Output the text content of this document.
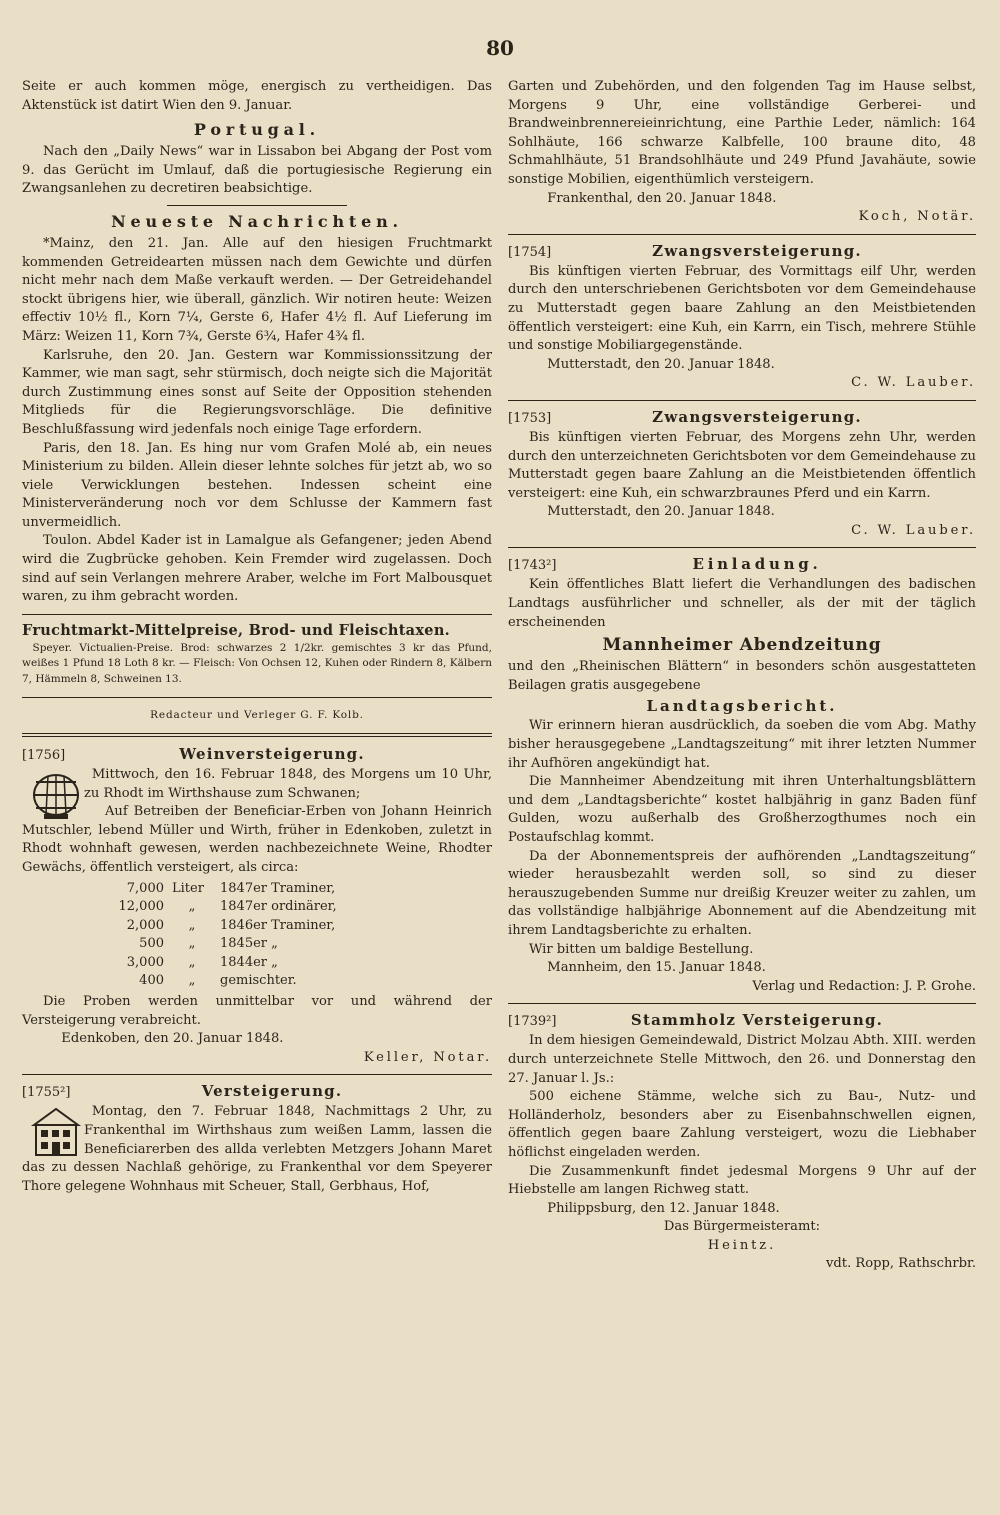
80

Seite er auch kommen möge, energisch zu vertheidigen. Das Aktenstück ist datirt Wien den 9. Januar.

Portugal.

Nach den „Daily News“ war in Lissabon bei Abgang der Post vom 9. das Gerücht im Umlauf, daß die portugiesische Regierung ein Zwangsanlehen zu decretiren beabsichtige.

Neueste Nachrichten.

*Mainz, den 21. Jan. Alle auf den hiesigen Fruchtmarkt kommenden Getreidearten müssen nach dem Gewichte und dürfen nicht mehr nach dem Maße verkauft werden. — Der Getreidehandel stockt übrigens hier, wie überall, gänzlich. Wir notiren heute: Weizen effectiv 10½ fl., Korn 7¼, Gerste 6, Hafer 4½ fl. Auf Lieferung im März: Weizen 11, Korn 7¾, Gerste 6¾, Hafer 4¾ fl.

Karlsruhe, den 20. Jan. Gestern war Kommissionssitzung der Kammer, wie man sagt, sehr stürmisch, doch neigte sich die Majorität durch Zustimmung eines sonst auf Seite der Opposition stehenden Mitglieds für die Regierungsvorschläge. Die definitive Beschlußfassung wird jedenfals noch einige Tage erfordern.

Paris, den 18. Jan. Es hing nur vom Grafen Molé ab, ein neues Ministerium zu bilden. Allein dieser lehnte solches für jetzt ab, wo so viele Verwicklungen bestehen. Indessen scheint eine Ministerveränderung noch vor dem Schlusse der Kammern fast unvermeidlich.

Toulon. Abdel Kader ist in Lamalgue als Gefangener; jeden Abend wird die Zugbrücke gehoben. Kein Fremder wird zugelassen. Doch sind auf sein Verlangen mehrere Araber, welche im Fort Malbousquet waren, zu ihm gebracht worden.

Fruchtmarkt-Mittelpreise, Brod- und Fleischtaxen.

Speyer. Victualien-Preise. Brod: schwarzes 2 1/2kr. gemischtes 3 kr das Pfund, weißes 1 Pfund 18 Loth 8 kr. — Fleisch: Von Ochsen 12, Kuhen oder Rindern 8, Kälbern 7, Hämmeln 8, Schweinen 13.

Redacteur und Verleger G. F. Kolb.

[1756]	Weinversteigerung.

Mittwoch, den 16. Februar 1848, des Morgens um 10 Uhr, zu Rhodt im Wirthshause zum Schwanen;

Auf Betreiben der Beneficiar-Erben von Johann Heinrich Mutschler, lebend Müller und Wirth, früher in Edenkoben, zuletzt in Rhodt wohnhaft gewesen, werden nachbezeichnete Weine, Rhodter Gewächs, öffentlich versteigert, als circa:

7,000	Liter	1847er Traminer,
12,000	„	1847er ordinärer,
2,000	„	1846er Traminer,
500	„	1845er „
3,000	„	1844er „
400	„	gemischter.

Die Proben werden unmittelbar vor und während der Versteigerung verabreicht.

Edenkoben, den 20. Januar 1848.

Keller, Notar.

[1755²]	Versteigerung.

Montag, den 7. Februar 1848, Nachmittags 2 Uhr, zu Frankenthal im Wirthshaus zum weißen Lamm, lassen die Beneficiarerben des allda verlebten Metzgers Johann Maret das zu dessen Nachlaß gehörige, zu Frankenthal vor dem Speyerer Thore gelegene Wohnhaus mit Scheuer, Stall, Gerbhaus, Hof,

Garten und Zubehörden, und den folgenden Tag im Hause selbst, Morgens 9 Uhr, eine vollständige Gerberei- und Brandweinbrennereieinrichtung, eine Parthie Leder, nämlich: 164 Sohlhäute, 166 schwarze Kalbfelle, 100 braune dito, 48 Schmahlhäute, 51 Brandsohlhäute und 249 Pfund Javahäute, sowie sonstige Mobilien, eigenthümlich versteigern.

Frankenthal, den 20. Januar 1848.

Koch, Notär.

[1754]	Zwangsversteigerung.

Bis künftigen vierten Februar, des Vormittags eilf Uhr, werden durch den unterschriebenen Gerichtsboten vor dem Gemeindehause zu Mutterstadt gegen baare Zahlung an den Meistbietenden öffentlich versteigert: eine Kuh, ein Karrn, ein Tisch, mehrere Stühle und sonstige Mobiliargegenstände.

Mutterstadt, den 20. Januar 1848.

C. W. Lauber.

[1753]	Zwangsversteigerung.

Bis künftigen vierten Februar, des Morgens zehn Uhr, werden durch den unterzeichneten Gerichtsboten vor dem Gemeindehause zu Mutterstadt gegen baare Zahlung an die Meistbietenden öffentlich versteigert: eine Kuh, ein schwarzbraunes Pferd und ein Karrn.

Mutterstadt, den 20. Januar 1848.

C. W. Lauber.

[1743²]	Einladung.

Kein öffentliches Blatt liefert die Verhandlungen des badischen Landtags ausführlicher und schneller, als der mit der täglich erscheinenden

Mannheimer Abendzeitung

und den „Rheinischen Blättern“ in besonders schön ausgestatteten Beilagen gratis ausgegebene

Landtagsbericht.

Wir erinnern hieran ausdrücklich, da soeben die vom Abg. Mathy bisher herausgegebene „Landtagszeitung“ mit ihrer letzten Nummer ihr Aufhören angekündigt hat.

Die Mannheimer Abendzeitung mit ihren Unterhaltungsblättern und dem „Landtagsberichte“ kostet halbjährig in ganz Baden fünf Gulden, wozu außerhalb des Großherzogthumes noch ein Postaufschlag kommt.

Da der Abonnementspreis der aufhörenden „Landtagszeitung“ wieder herausbezahlt werden soll, so sind zu dieser herauszugebenden Summe nur dreißig Kreuzer weiter zu zahlen, um das vollständige halbjährige Abonnement auf die Abendzeitung mit ihrem Landtagsberichte zu erhalten.

Wir bitten um baldige Bestellung.

Mannheim, den 15. Januar 1848.

Verlag und Redaction: J. P. Grohe.

[1739²]	Stammholz Versteigerung.

In dem hiesigen Gemeindewald, District Molzau Abth. XIII. werden durch unterzeichnete Stelle Mittwoch, den 26. und Donnerstag den 27. Januar l. Js.:

500 eichene Stämme, welche sich zu Bau-, Nutz- und Holländerholz, besonders aber zu Eisenbahnschwellen eignen, öffentlich gegen baare Zahlung versteigert, wozu die Liebhaber höflichst eingeladen werden.

Die Zusammenkunft findet jedesmal Morgens 9 Uhr auf der Hiebstelle am langen Richweg statt.

Philippsburg, den 12. Januar 1848.

Das Bürgermeisteramt:

Heintz.

vdt. Ropp, Rathschrbr.
